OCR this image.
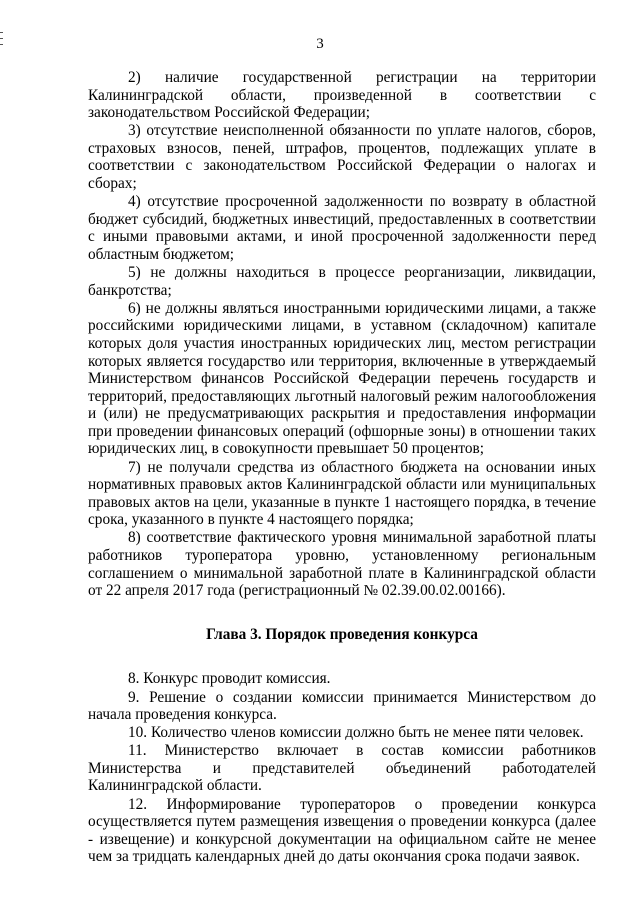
3

2) наличие государственной регистрации на территории Калининградской области, произведенной в соответствии с законодательством Российской Федерации;

3) отсутствие неисполненной обязанности по уплате налогов, сборов, страховых взносов, пеней, штрафов, процентов, подлежащих уплате в соответствии с законодательством Российской Федерации о налогах и сборах;

4) отсутствие просроченной задолженности по возврату в областной бюджет субсидий, бюджетных инвестиций, предоставленных в соответствии с иными правовыми актами, и иной просроченной задолженности перед областным бюджетом;

5) не должны находиться в процессе реорганизации, ликвидации, банкротства;

6) не должны являться иностранными юридическими лицами, а также российскими юридическими лицами, в уставном (складочном) капитале которых доля участия иностранных юридических лиц, местом регистрации которых является государство или территория, включенные в утверждаемый Министерством финансов Российской Федерации перечень государств и территорий, предоставляющих льготный налоговый режим налогообложения и (или) не предусматривающих раскрытия и предоставления информации при проведении финансовых операций (офшорные зоны) в отношении таких юридических лиц, в совокупности превышает 50 процентов;

7) не получали средства из областного бюджета на основании иных нормативных правовых актов Калининградской области или муниципальных правовых актов на цели, указанные в пункте 1 настоящего порядка, в течение срока, указанного в пункте 4 настоящего порядка;

8) соответствие фактического уровня минимальной заработной платы работников туроператора уровню, установленному региональным соглашением о минимальной заработной плате в Калининградской области от 22 апреля 2017 года (регистрационный № 02.39.00.02.00166).

Глава 3. Порядок проведения конкурса

8. Конкурс проводит комиссия.

9. Решение о создании комиссии принимается Министерством до начала проведения конкурса.

10. Количество членов комиссии должно быть не менее пяти человек.

11. Министерство включает в состав комиссии работников Министерства и представителей объединений работодателей Калининградской области.

12. Информирование туроператоров о проведении конкурса осуществляется путем размещения извещения о проведении конкурса (далее - извещение) и конкурсной документации на официальном сайте не менее чем за тридцать календарных дней до даты окончания срока подачи заявок.
